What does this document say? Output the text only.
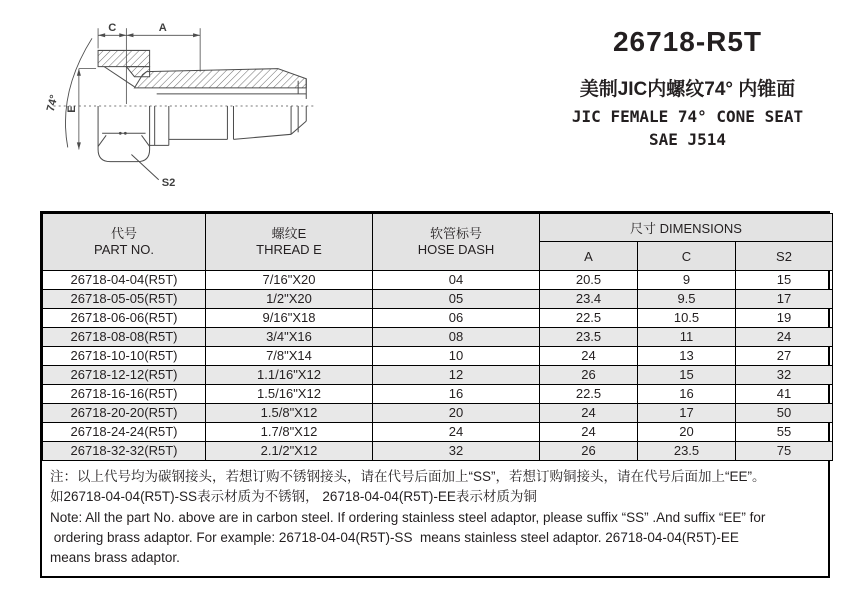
C	A
E
74°
S2
26718-R5T
美制JIC内螺纹74° 内锥面
JIC FEMALE 74° CONE SEAT
SAE J514
代号
PART NO.

螺纹E
THREAD E

软管标号
HOSE DASH
	尺寸 DIMENSIONS
			A	C	S2
26718-04-04(R5T)	7/16"X20	04	20.5	9	15
26718-05-05(R5T)	1/2"X20	05	23.4	9.5	17
26718-06-06(R5T)	9/16"X18	06	22.5	10.5	19
26718-08-08(R5T)	3/4"X16	08	23.5	11	24
26718-10-10(R5T)	7/8"X14	10	24	13	27
26718-12-12(R5T)	1.1/16"X12	12	26	15	32
26718-16-16(R5T)	1.5/16"X12	16	22.5	16	41
26718-20-20(R5T)	1.5/8"X12	20	24	17	50
26718-24-24(R5T)	1.7/8"X12	24	24	20	55
26718-32-32(R5T)	2.1/2"X12	32	26	23.5	75
注：以上代号均为碳钢接头，若想订购不锈钢接头，请在代号后面加上“SS”，若想订购铜接头，请在代号后面加上“EE”。
如26718-04-04(R5T)-SS表示材质为不锈钢， 26718-04-04(R5T)-EE表示材质为铜
Note: All the part No. above are in carbon steel. If ordering stainless steel adaptor, please suffix “SS” .And suffix “EE” for
ordering brass adaptor. For example: 26718-04-04(R5T)-SS  means stainless steel adaptor. 26718-04-04(R5T)-EE
means brass adaptor.
